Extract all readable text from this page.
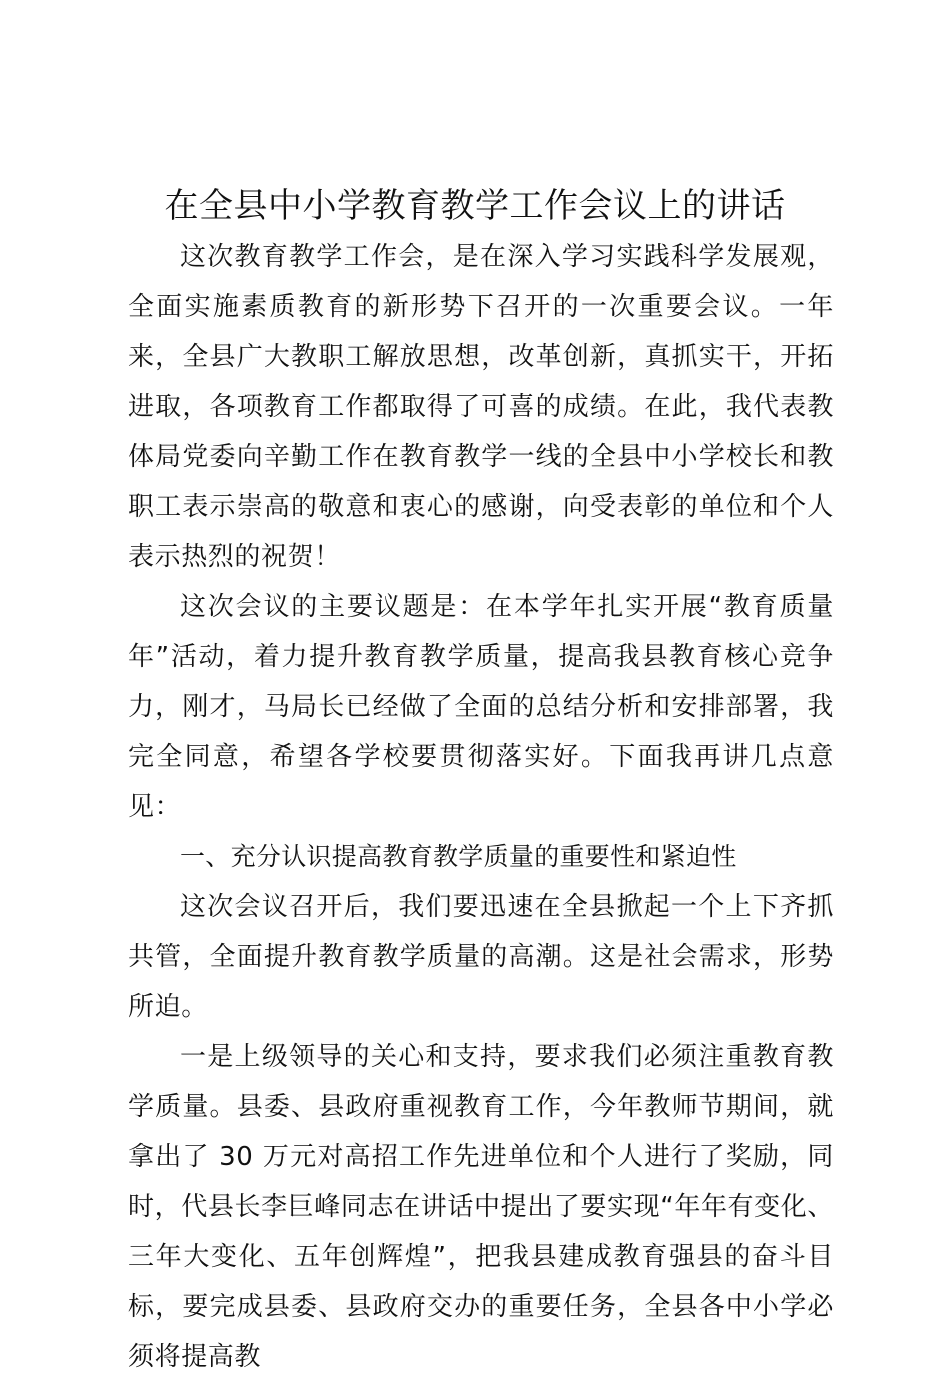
在全县中小学教育教学工作会议上的讲话

这次教育教学工作会，是在深入学习实践科学发展观，全面实施素质教育的新形势下召开的一次重要会议。一年来，全县广大教职工解放思想，改革创新，真抓实干，开拓进取，各项教育工作都取得了可喜的成绩。在此，我代表教体局党委向辛勤工作在教育教学一线的全县中小学校长和教职工表示崇高的敬意和衷心的感谢，向受表彰的单位和个人表示热烈的祝贺！

这次会议的主要议题是：在本学年扎实开展“教育质量年”活动，着力提升教育教学质量，提高我县教育核心竞争力，刚才，马局长已经做了全面的总结分析和安排部署，我完全同意，希望各学校要贯彻落实好。下面我再讲几点意见：

一、充分认识提高教育教学质量的重要性和紧迫性

这次会议召开后，我们要迅速在全县掀起一个上下齐抓共管，全面提升教育教学质量的高潮。这是社会需求，形势所迫。

一是上级领导的关心和支持，要求我们必须注重教育教学质量。县委、县政府重视教育工作，今年教师节期间，就拿出了 30 万元对高招工作先进单位和个人进行了奖励，同时，代县长李巨峰同志在讲话中提出了要实现“年年有变化、三年大变化、五年创辉煌”，把我县建成教育强县的奋斗目标，要完成县委、县政府交办的重要任务，全县各中小学必须将提高教
